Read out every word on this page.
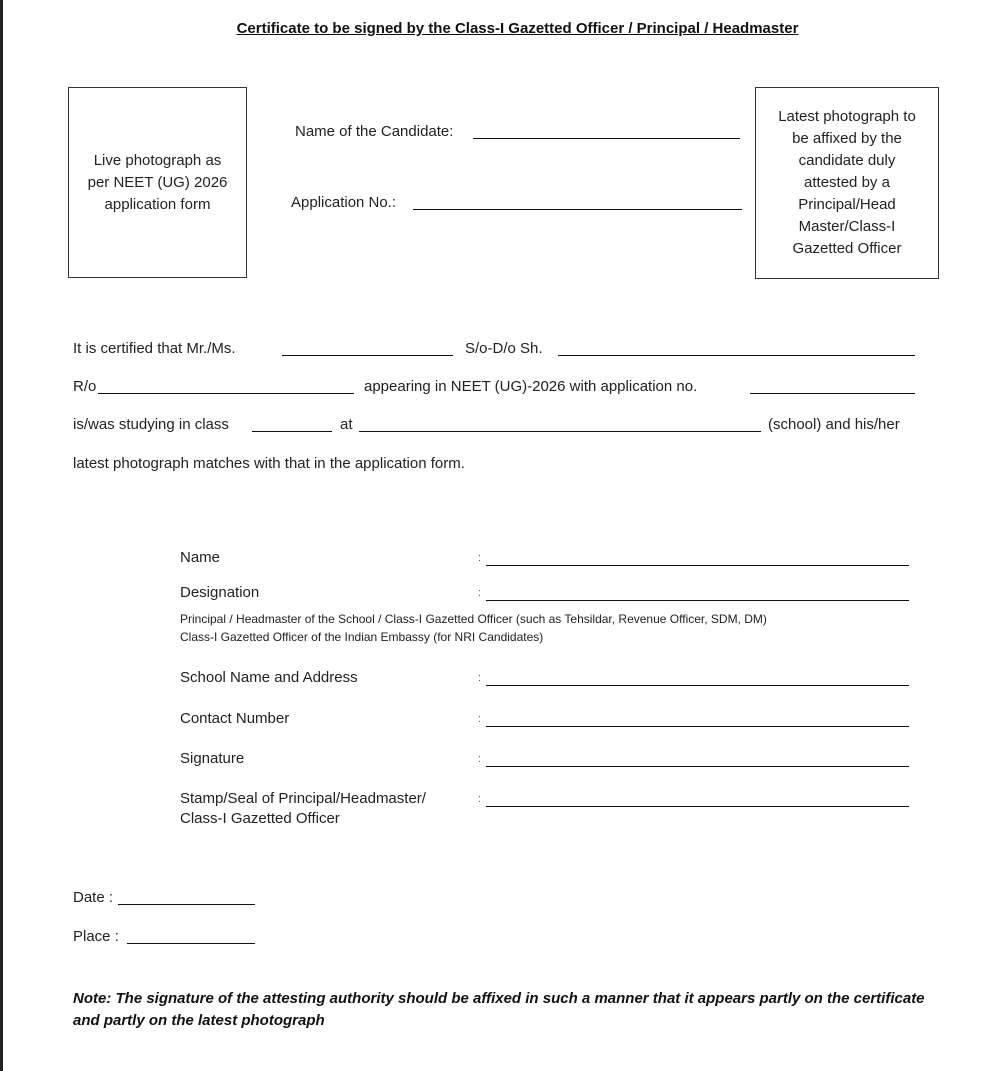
Certificate to be signed by the Class-I Gazetted Officer / Principal / Headmaster
Live photograph as
per NEET (UG) 2026
application form
Latest photograph to
be affixed by the
candidate duly
attested by a
Principal/Head
Master/Class-I
Gazetted Officer
Name of the Candidate:
Application No.:
It is certified that Mr./Ms.	S/o-D/o Sh.
R/o	appearing in NEET (UG)-2026 with application no.
is/was studying in class	at	(school) and his/her
latest photograph matches with that in the application form.
Name	:
Designation	:
Principal / Headmaster of the School / Class-I Gazetted Officer (such as Tehsildar, Revenue Officer, SDM, DM)
Class-I Gazetted Officer of the Indian Embassy (for NRI Candidates)
School Name and Address	:
Contact Number	:
Signature	:
Stamp/Seal of Principal/Headmaster/
Class-I Gazetted Officer
:
Date :
Place :
Note: The signature of the attesting authority should be affixed in such a manner that it appears partly on the certificate and partly on the latest photograph
